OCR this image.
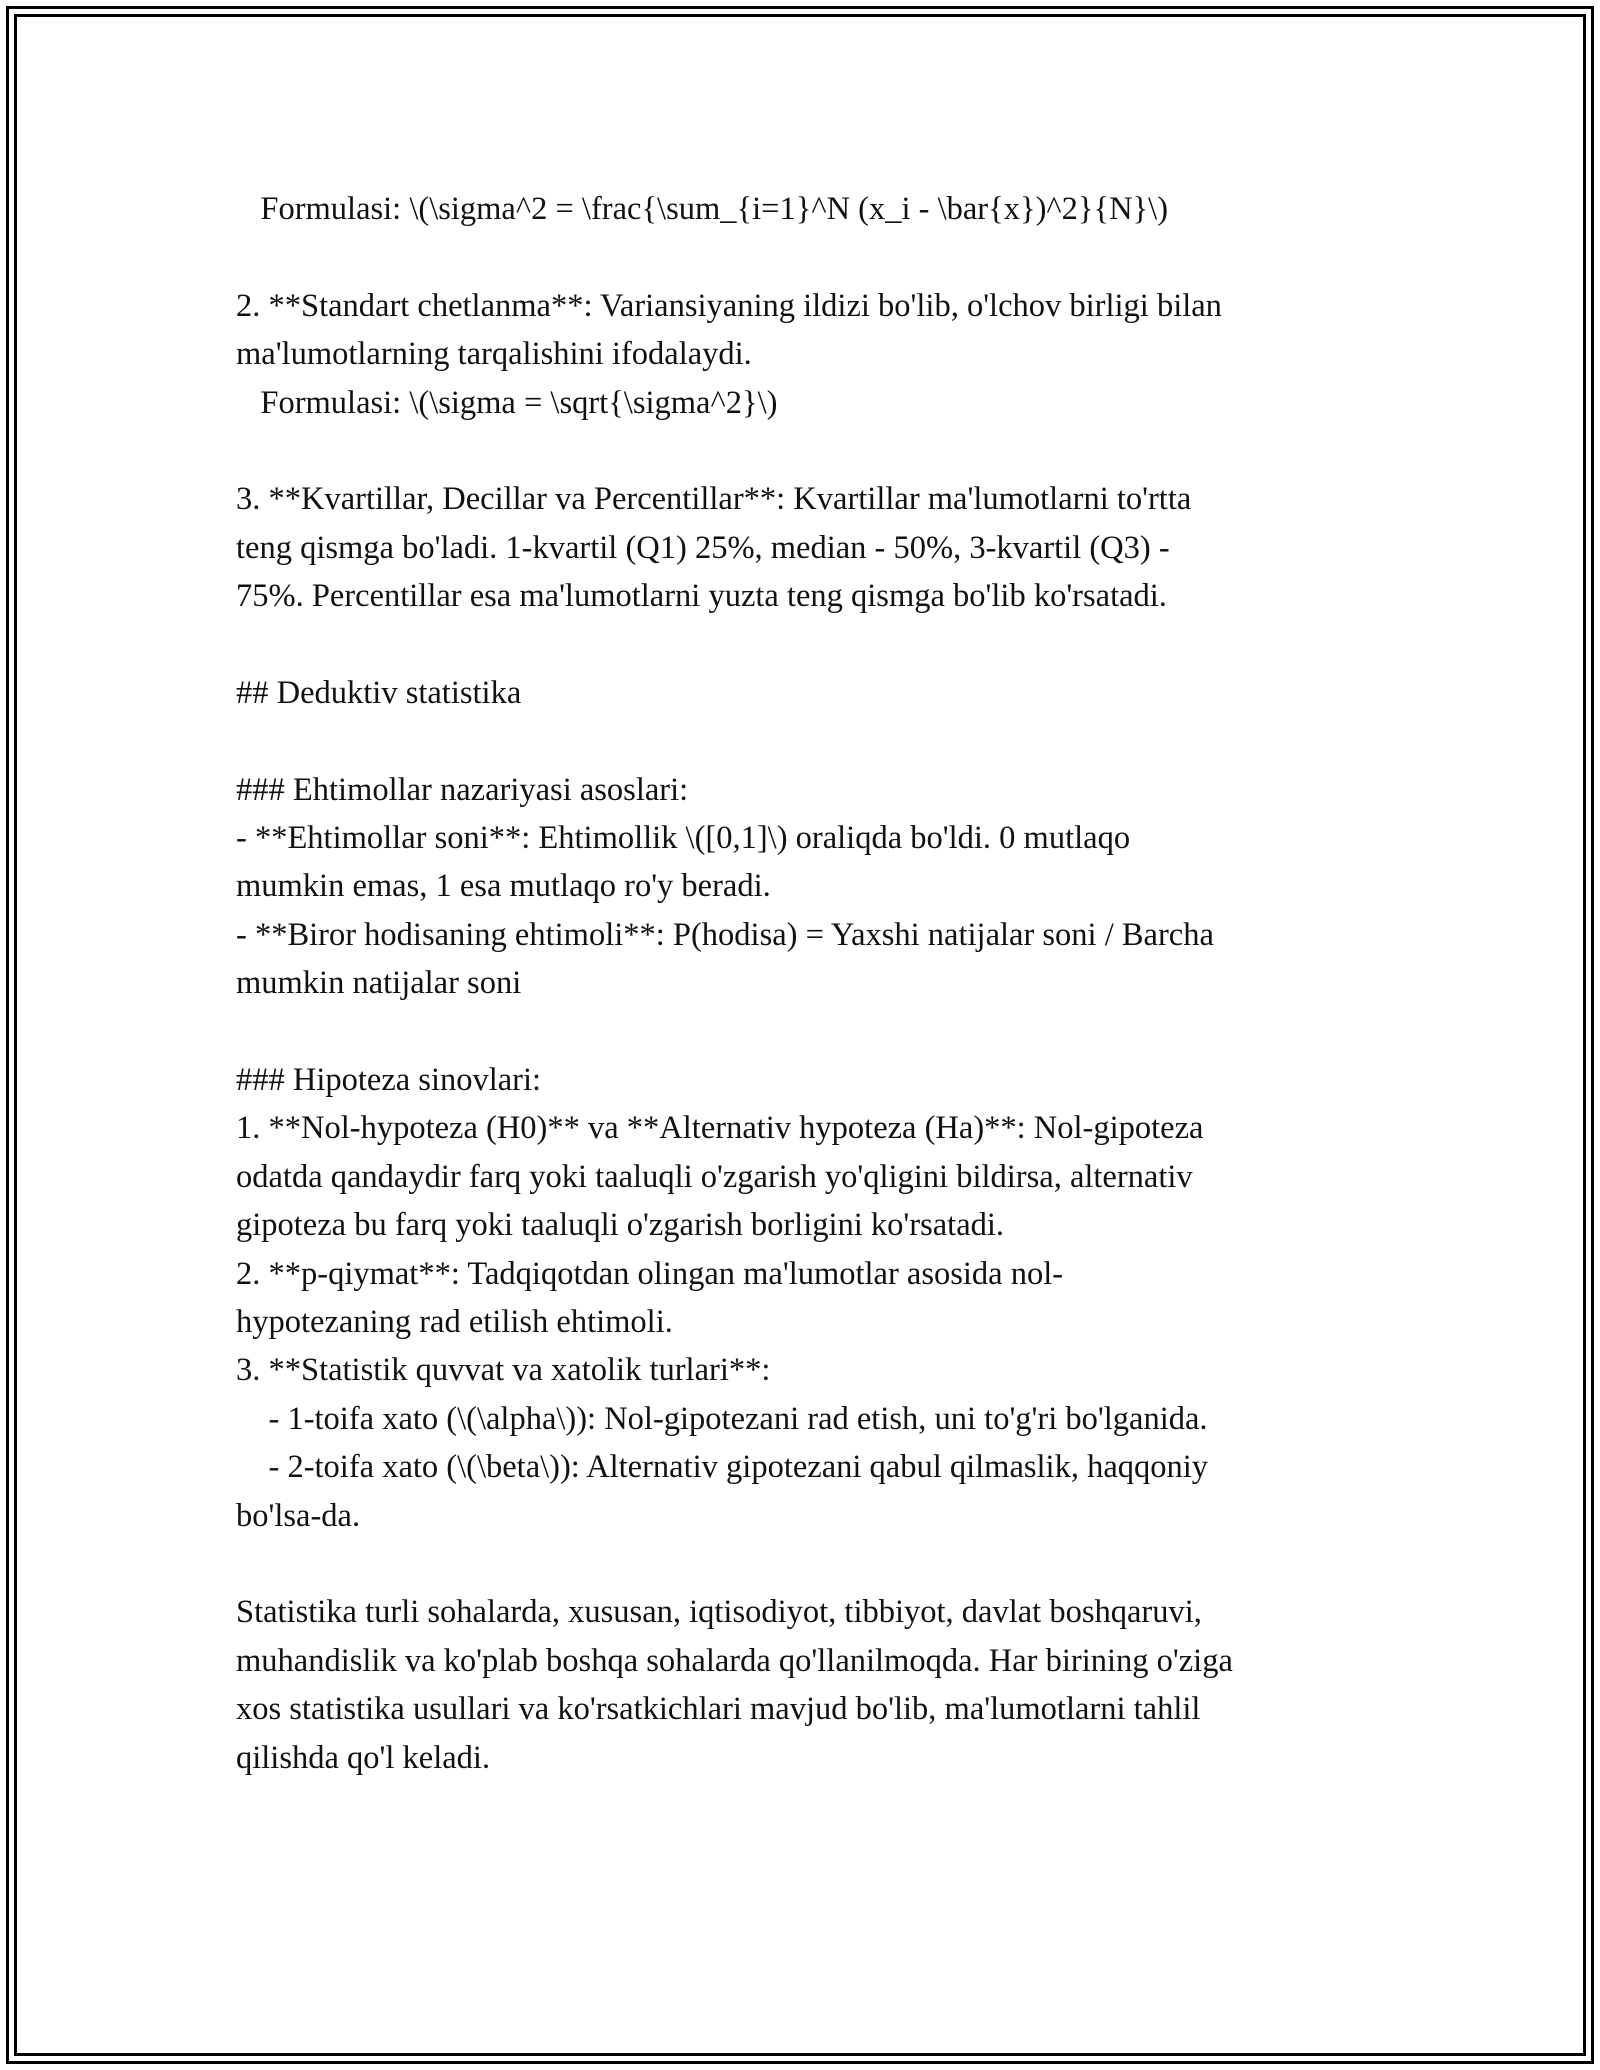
Formulasi: \(\sigma^2 = \frac{\sum_{i=1}^N (x_i - \bar{x})^2}{N}\)
2. **Standart chetlanma**: Variansiyaning ildizi bo'lib, o'lchov birligi bilan
ma'lumotlarning tarqalishini ifodalaydi.
Formulasi: \(\sigma = \sqrt{\sigma^2}\)
3. **Kvartillar, Decillar va Percentillar**: Kvartillar ma'lumotlarni to'rtta
teng qismga bo'ladi. 1-kvartil (Q1) 25%, median - 50%, 3-kvartil (Q3) -
75%. Percentillar esa ma'lumotlarni yuzta teng qismga bo'lib ko'rsatadi.
## Deduktiv statistika
### Ehtimollar nazariyasi asoslari:
- **Ehtimollar soni**: Ehtimollik \([0,1]\) oraliqda bo'ldi. 0 mutlaqo
mumkin emas, 1 esa mutlaqo ro'y beradi.
- **Biror hodisaning ehtimoli**: P(hodisa) = Yaxshi natijalar soni / Barcha
mumkin natijalar soni
### Hipoteza sinovlari:
1. **Nol-hypoteza (H0)** va **Alternativ hypoteza (Ha)**: Nol-gipoteza
odatda qandaydir farq yoki taaluqli o'zgarish yo'qligini bildirsa, alternativ
gipoteza bu farq yoki taaluqli o'zgarish borligini ko'rsatadi.
2. **p-qiymat**: Tadqiqotdan olingan ma'lumotlar asosida nol-
hypotezaning rad etilish ehtimoli.
3. **Statistik quvvat va xatolik turlari**:
- 1-toifa xato (\(\alpha\)): Nol-gipotezani rad etish, uni to'g'ri bo'lganida.
- 2-toifa xato (\(\beta\)): Alternativ gipotezani qabul qilmaslik, haqqoniy
bo'lsa-da.
Statistika turli sohalarda, xususan, iqtisodiyot, tibbiyot, davlat boshqaruvi,
muhandislik va ko'plab boshqa sohalarda qo'llanilmoqda. Har birining o'ziga
xos statistika usullari va ko'rsatkichlari mavjud bo'lib, ma'lumotlarni tahlil
qilishda qo'l keladi.
